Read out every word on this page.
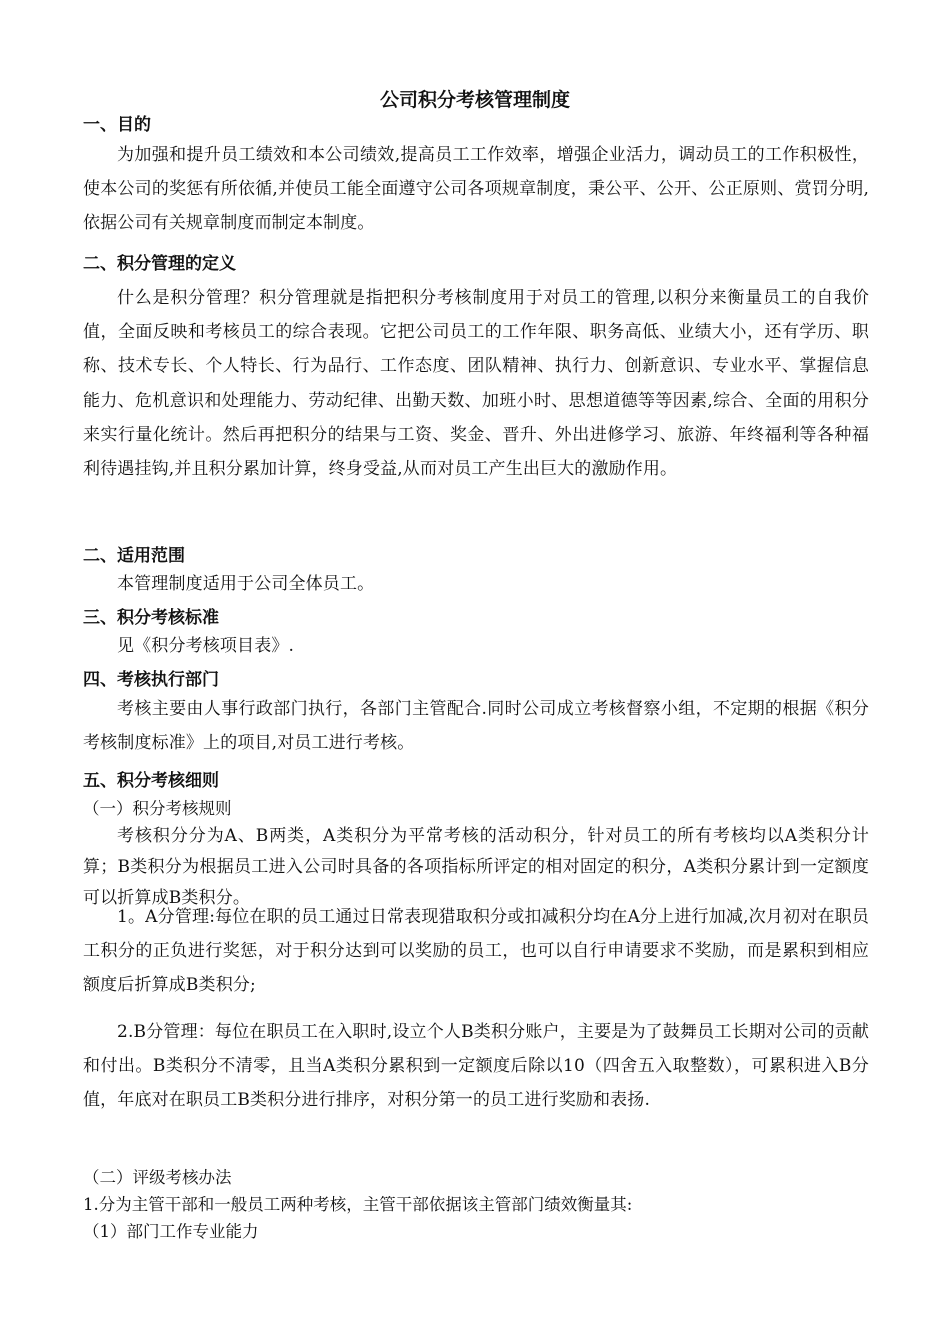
公司积分考核管理制度
一、目的
为加强和提升员工绩效和本公司绩效,提高员工工作效率，增强企业活力，调动员工的工作积极性，使本公司的奖惩有所依循,并使员工能全面遵守公司各项规章制度，秉公平、公开、公正原则、赏罚分明,依据公司有关规章制度而制定本制度。
二、积分管理的定义
什么是积分管理？积分管理就是指把积分考核制度用于对员工的管理,以积分来衡量员工的自我价值，全面反映和考核员工的综合表现。它把公司员工的工作年限、职务高低、业绩大小，还有学历、职称、技术专长、个人特长、行为品行、工作态度、团队精神、执行力、创新意识、专业水平、掌握信息能力、危机意识和处理能力、劳动纪律、出勤天数、加班小时、思想道德等等因素,综合、全面的用积分来实行量化统计。然后再把积分的结果与工资、奖金、晋升、外出进修学习、旅游、年终福利等各种福利待遇挂钩,并且积分累加计算，终身受益,从而对员工产生出巨大的激励作用。
二、适用范围
本管理制度适用于公司全体员工。
三、积分考核标准
见《积分考核项目表》.
四、考核执行部门
考核主要由人事行政部门执行，各部门主管配合.同时公司成立考核督察小组，不定期的根据《积分考核制度标准》上的项目,对员工进行考核。
五、积分考核细则
（一）积分考核规则
考核积分分为A、B两类，A类积分为平常考核的活动积分，针对员工的所有考核均以A类积分计算；B类积分为根据员工进入公司时具备的各项指标所评定的相对固定的积分，A类积分累计到一定额度可以折算成B类积分。
1。A分管理:每位在职的员工通过日常表现猎取积分或扣减积分均在A分上进行加减,次月初对在职员工积分的正负进行奖惩，对于积分达到可以奖励的员工，也可以自行申请要求不奖励，而是累积到相应额度后折算成B类积分;
2.B分管理：每位在职员工在入职时,设立个人B类积分账户，主要是为了鼓舞员工长期对公司的贡献和付出。B类积分不清零，且当A类积分累积到一定额度后除以10（四舍五入取整数），可累积进入B分值，年底对在职员工B类积分进行排序，对积分第一的员工进行奖励和表扬.
（二）评级考核办法
1.分为主管干部和一般员工两种考核，主管干部依据该主管部门绩效衡量其:
（1）部门工作专业能力
